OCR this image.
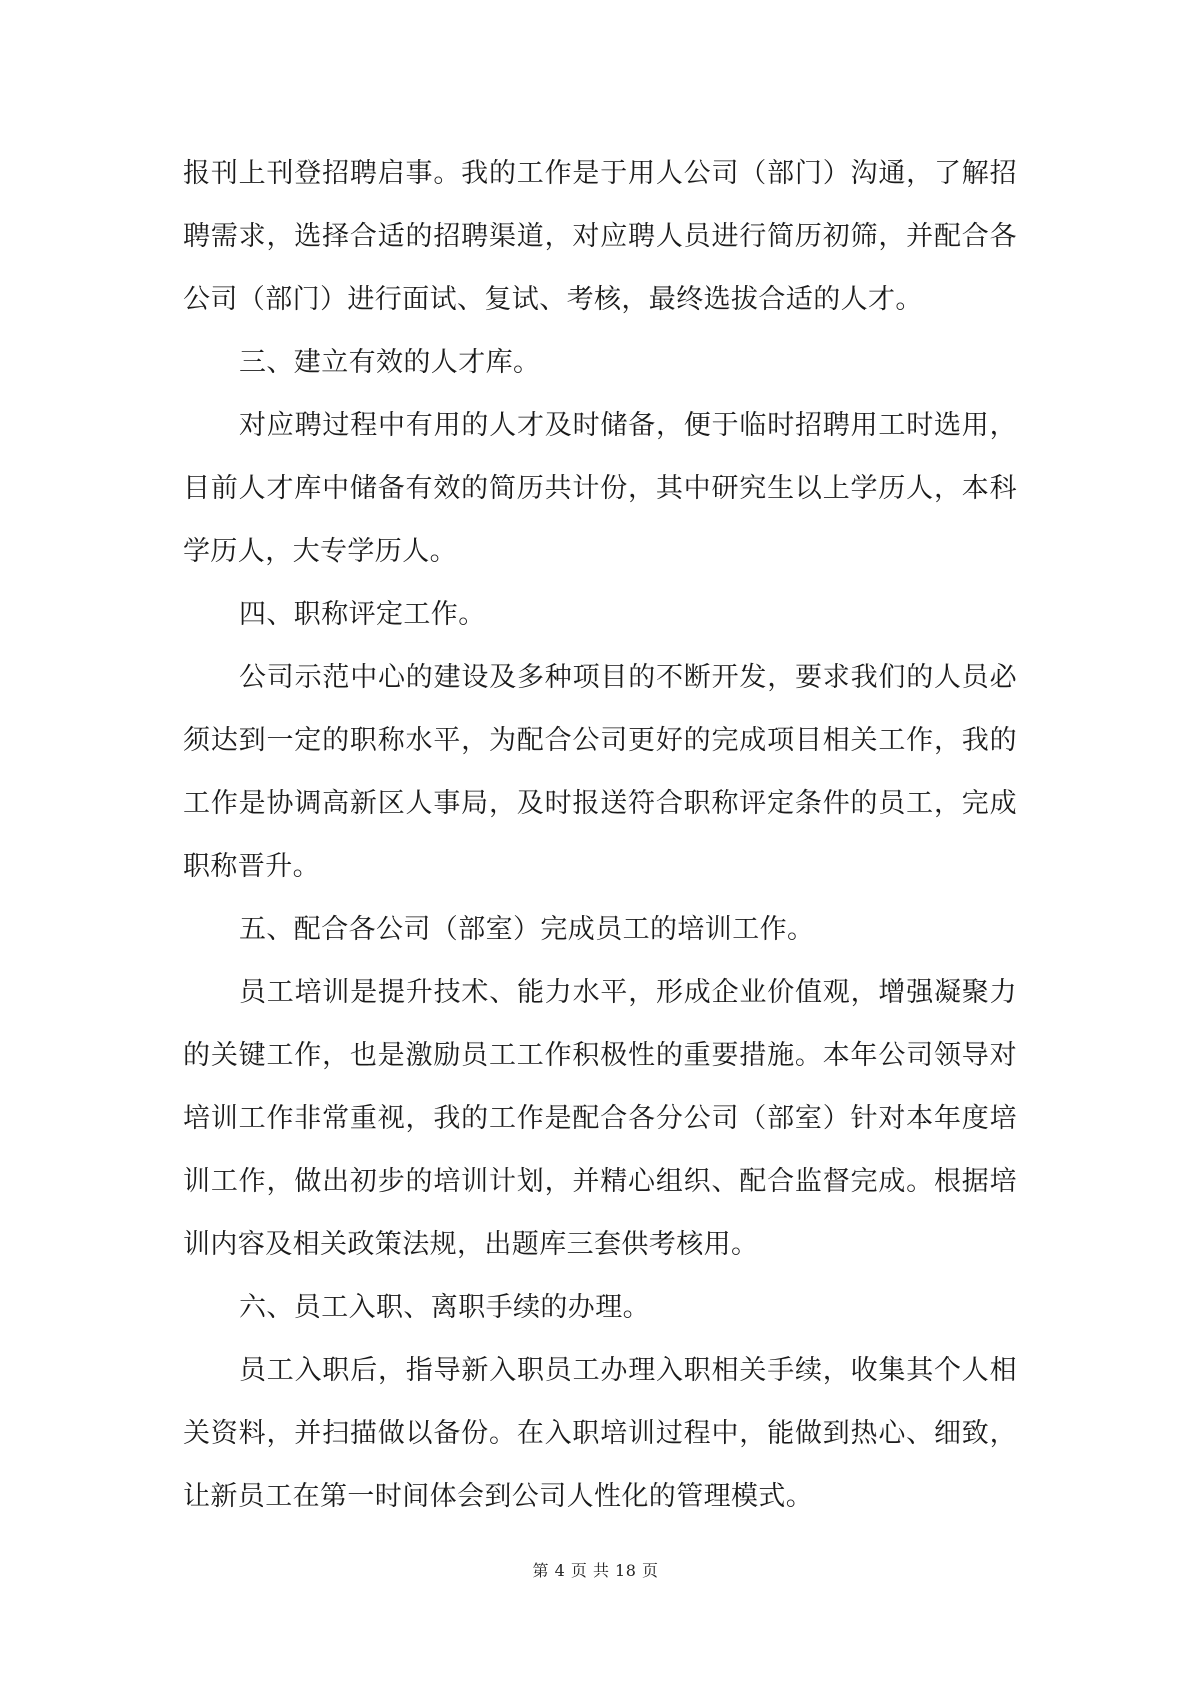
报刊上刊登招聘启事。我的工作是于用人公司（部门）沟通，了解招聘需求，选择合适的招聘渠道，对应聘人员进行简历初筛，并配合各公司（部门）进行面试、复试、考核，最终选拔合适的人才。

三、建立有效的人才库。

对应聘过程中有用的人才及时储备，便于临时招聘用工时选用，目前人才库中储备有效的简历共计份，其中研究生以上学历人，本科学历人，大专学历人。

四、职称评定工作。

公司示范中心的建设及多种项目的不断开发，要求我们的人员必须达到一定的职称水平，为配合公司更好的完成项目相关工作，我的工作是协调高新区人事局，及时报送符合职称评定条件的员工，完成职称晋升。

五、配合各公司（部室）完成员工的培训工作。

员工培训是提升技术、能力水平，形成企业价值观，增强凝聚力的关键工作，也是激励员工工作积极性的重要措施。本年公司领导对培训工作非常重视，我的工作是配合各分公司（部室）针对本年度培训工作，做出初步的培训计划，并精心组织、配合监督完成。根据培训内容及相关政策法规，出题库三套供考核用。

六、员工入职、离职手续的办理。

员工入职后，指导新入职员工办理入职相关手续，收集其个人相关资料，并扫描做以备份。在入职培训过程中，能做到热心、细致，让新员工在第一时间体会到公司人性化的管理模式。

第 4 页 共 18 页
